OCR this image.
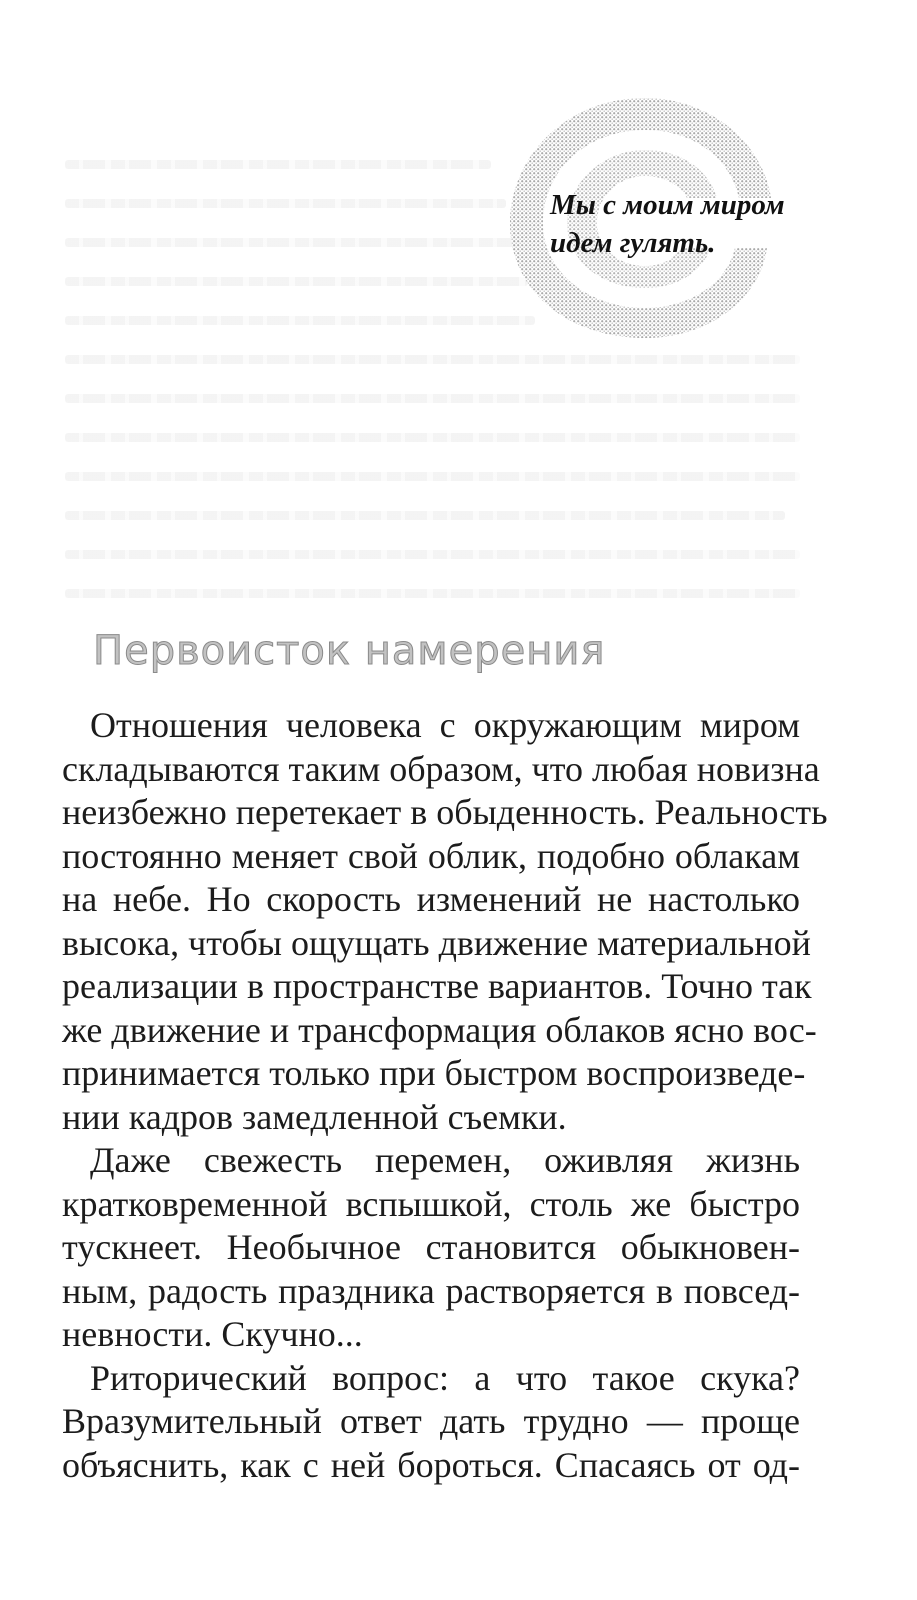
Мы с моим миром
идем гулять.
Первоисток намерения
Отношения человека с окружающим миром
складываются таким образом, что любая новизна
неизбежно перетекает в обыденность. Реальность
постоянно меняет свой облик, подобно облакам
на небе. Но скорость изменений не настолько
высока, чтобы ощущать движение материальной
реализации в пространстве вариантов. Точно так
же движение и трансформация облаков ясно вос-
принимается только при быстром воспроизведе-
нии кадров замедленной съемки.
Даже свежесть перемен, оживляя жизнь
кратковременной вспышкой, столь же быстро
тускнеет. Необычное становится обыкновен-
ным, радость праздника растворяется в повсед-
невности. Скучно...
Риторический вопрос: а что такое скука?
Вразумительный ответ дать трудно — проще
объяснить, как с ней бороться. Спасаясь от од-
